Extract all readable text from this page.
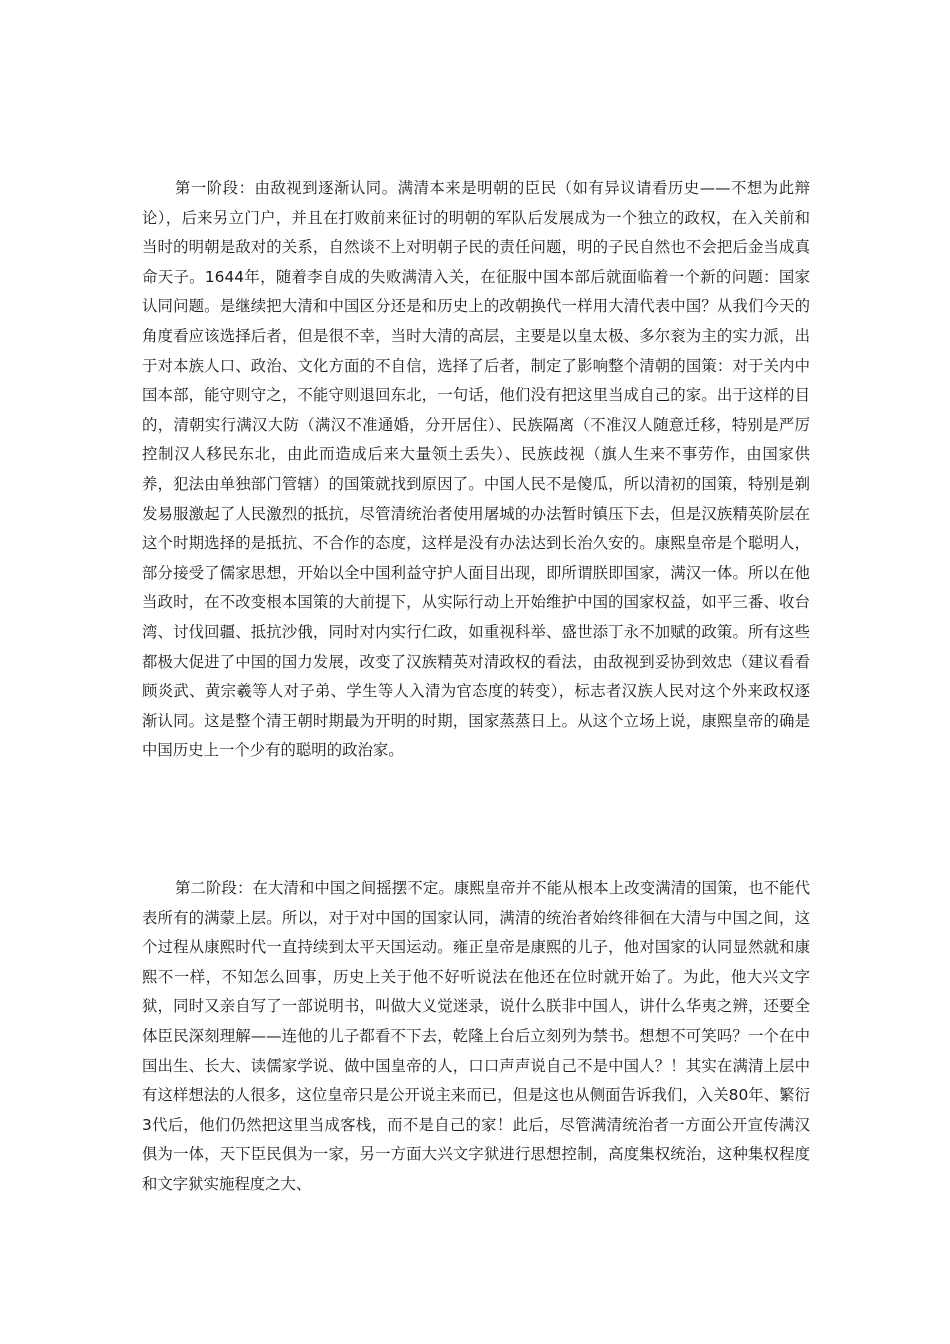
第一阶段：由敌视到逐渐认同。满清本来是明朝的臣民（如有异议请看历史——不想为此辩论），后来另立门户，并且在打败前来征讨的明朝的军队后发展成为一个独立的政权，在入关前和当时的明朝是敌对的关系，自然谈不上对明朝子民的责任问题，明的子民自然也不会把后金当成真命天子。1644年，随着李自成的失败满清入关，在征服中国本部后就面临着一个新的问题：国家认同问题。是继续把大清和中国区分还是和历史上的改朝换代一样用大清代表中国？从我们今天的角度看应该选择后者，但是很不幸，当时大清的高层，主要是以皇太极、多尔衮为主的实力派，出于对本族人口、政治、文化方面的不自信，选择了后者，制定了影响整个清朝的国策：对于关内中国本部，能守则守之，不能守则退回东北，一句话，他们没有把这里当成自己的家。出于这样的目的，清朝实行满汉大防（满汉不准通婚，分开居住）、民族隔离（不准汉人随意迁移，特别是严厉控制汉人移民东北，由此而造成后来大量领土丢失）、民族歧视（旗人生来不事劳作，由国家供养，犯法由单独部门管辖）的国策就找到原因了。中国人民不是傻瓜，所以清初的国策，特别是剃发易服激起了人民激烈的抵抗，尽管清统治者使用屠城的办法暂时镇压下去，但是汉族精英阶层在这个时期选择的是抵抗、不合作的态度，这样是没有办法达到长治久安的。康熙皇帝是个聪明人，部分接受了儒家思想，开始以全中国利益守护人面目出现，即所谓朕即国家，满汉一体。所以在他当政时，在不改变根本国策的大前提下，从实际行动上开始维护中国的国家权益，如平三番、收台湾、讨伐回疆、抵抗沙俄，同时对内实行仁政，如重视科举、盛世添丁永不加赋的政策。所有这些都极大促进了中国的国力发展，改变了汉族精英对清政权的看法，由敌视到妥协到效忠（建议看看顾炎武、黄宗羲等人对子弟、学生等人入清为官态度的转变），标志者汉族人民对这个外来政权逐渐认同。这是整个清王朝时期最为开明的时期，国家蒸蒸日上。从这个立场上说，康熙皇帝的确是中国历史上一个少有的聪明的政治家。

第二阶段：在大清和中国之间摇摆不定。康熙皇帝并不能从根本上改变满清的国策，也不能代表所有的满蒙上层。所以，对于对中国的国家认同，满清的统治者始终徘徊在大清与中国之间，这个过程从康熙时代一直持续到太平天国运动。雍正皇帝是康熙的儿子，他对国家的认同显然就和康熙不一样，不知怎么回事，历史上关于他不好听说法在他还在位时就开始了。为此，他大兴文字狱，同时又亲自写了一部说明书，叫做大义觉迷录，说什么朕非中国人，讲什么华夷之辨，还要全体臣民深刻理解——连他的儿子都看不下去，乾隆上台后立刻列为禁书。想想不可笑吗？一个在中国出生、长大、读儒家学说、做中国皇帝的人，口口声声说自己不是中国人？！其实在满清上层中有这样想法的人很多，这位皇帝只是公开说主来而已，但是这也从侧面告诉我们，入关80年、繁衍3代后，他们仍然把这里当成客栈，而不是自己的家！此后，尽管满清统治者一方面公开宣传满汉俱为一体，天下臣民俱为一家，另一方面大兴文字狱进行思想控制，高度集权统治，这种集权程度和文字狱实施程度之大、
